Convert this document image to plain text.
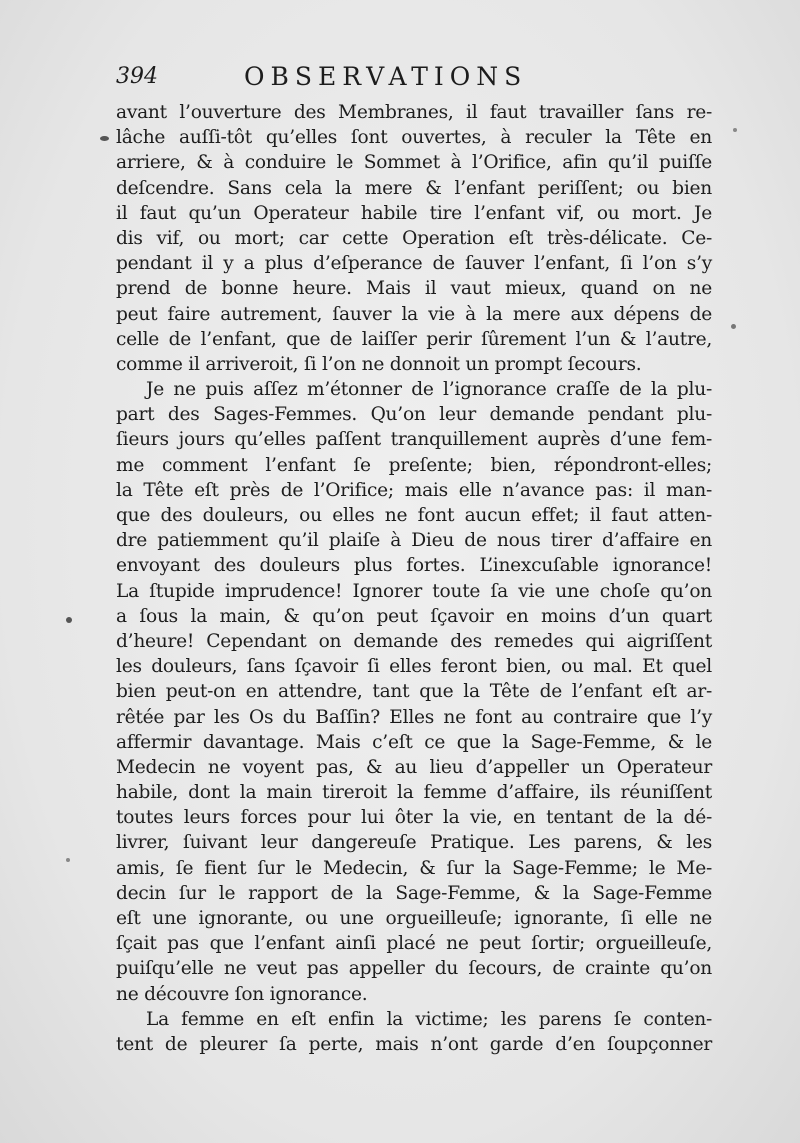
394	OBSERVATIONS
avant l’ouverture des Membranes, il faut travailler ſans re-
lâche auſſi-tôt qu’elles ſont ouvertes, à reculer la Tête en
arriere, & à conduire le Sommet à l’Orifice, afin qu’il puiſſe
deſcendre. Sans cela la mere & l’enfant periſſent; ou bien
il faut qu’un Operateur habile tire l’enfant vif, ou mort. Je
dis vif, ou mort; car cette Operation eſt très-délicate. Ce-
pendant il y a plus d’eſperance de ſauver l’enfant, ſi l’on s’y
prend de bonne heure. Mais il vaut mieux, quand on ne
peut faire autrement, ſauver la vie à la mere aux dépens de
celle de l’enfant, que de laiſſer perir ſûrement l’un & l’autre,
comme il arriveroit, ſi l’on ne donnoit un prompt ſecours.
Je ne puis aſſez m’étonner de l’ignorance craſſe de la plu-
part des Sages-Femmes. Qu’on leur demande pendant plu-
ſieurs jours qu’elles paſſent tranquillement auprès d’une fem-
me comment l’enfant ſe preſente; bien, répondront-elles;
la Tête eſt près de l’Orifice; mais elle n’avance pas: il man-
que des douleurs, ou elles ne font aucun effet; il faut atten-
dre patiemment qu’il plaiſe à Dieu de nous tirer d’affaire en
envoyant des douleurs plus fortes. L’inexcuſable ignorance!
La ſtupide imprudence! Ignorer toute ſa vie une choſe qu’on
a ſous la main, & qu’on peut ſçavoir en moins d’un quart
d’heure! Cependant on demande des remedes qui aigriſſent
les douleurs, ſans ſçavoir ſi elles feront bien, ou mal. Et quel
bien peut-on en attendre, tant que la Tête de l’enfant eſt ar-
rêtée par les Os du Baſſin? Elles ne font au contraire que l’y
affermir davantage. Mais c’eſt ce que la Sage-Femme, & le
Medecin ne voyent pas, & au lieu d’appeller un Operateur
habile, dont la main tireroit la femme d’affaire, ils réuniſſent
toutes leurs forces pour lui ôter la vie, en tentant de la dé-
livrer, ſuivant leur dangereuſe Pratique. Les parens, & les
amis, ſe fient ſur le Medecin, & ſur la Sage-Femme; le Me-
decin ſur le rapport de la Sage-Femme, & la Sage-Femme
eſt une ignorante, ou une orgueilleuſe; ignorante, ſi elle ne
ſçait pas que l’enfant ainſi placé ne peut ſortir; orgueilleuſe,
puiſqu’elle ne veut pas appeller du ſecours, de crainte qu’on
ne découvre ſon ignorance.
La femme en eſt enfin la victime; les parens ſe conten-
tent de pleurer ſa perte, mais n’ont garde d’en ſoupçonner
